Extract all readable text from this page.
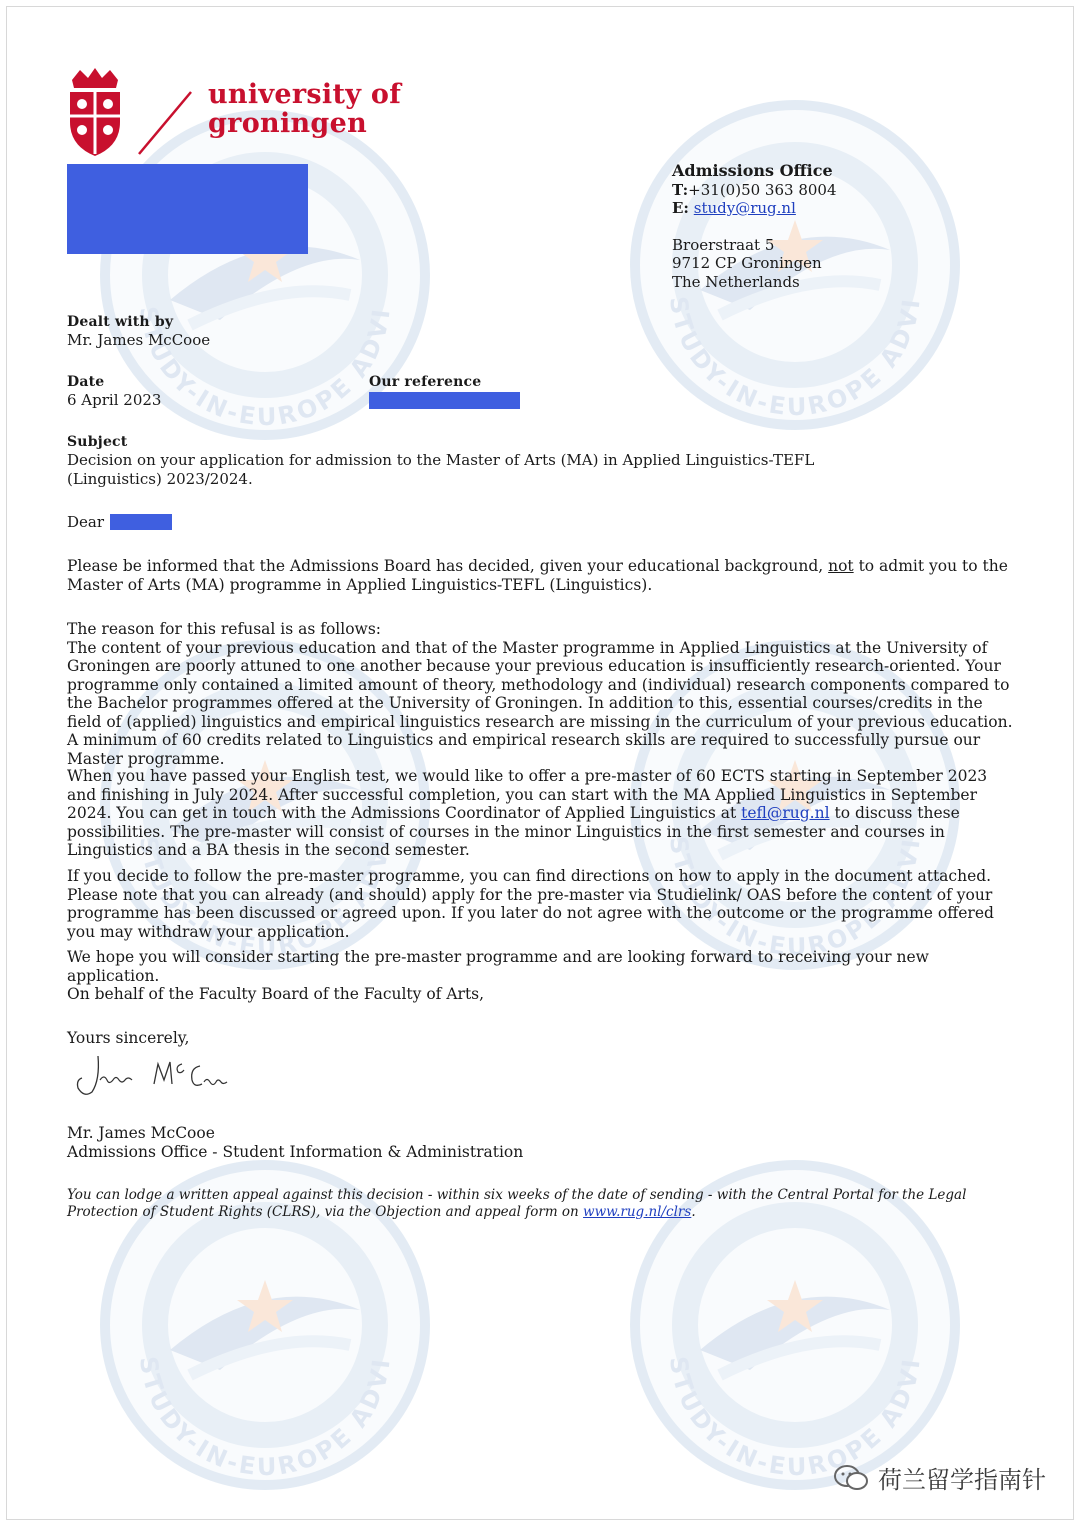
university of
groningen
Admissions Office
T:+31(0)50 363 8004
E: study@rug.nl
Broerstraat 5
9712 CP Groningen
The Netherlands
Dealt with by
Mr. James McCooe
Date
6 April 2023
Our reference
Subject
Decision on your application for admission to the Master of Arts (MA) in Applied Linguistics-TEFL
(Linguistics) 2023/2024.
Dear
Please be informed that the Admissions Board has decided, given your educational background, not to admit you to the Master of Arts (MA) programme in Applied Linguistics-TEFL (Linguistics).
The reason for this refusal is as follows:
The content of your previous education and that of the Master programme in Applied Linguistics at the University of Groningen are poorly attuned to one another because your previous education is insufficiently research-oriented. Your programme only contained a limited amount of theory, methodology and (individual) research components compared to the Bachelor programmes offered at the University of Groningen. In addition to this, essential courses/credits in the field of (applied) linguistics and empirical linguistics research are missing in the curriculum of your previous education. A minimum of 60 credits related to Linguistics and empirical research skills are required to successfully pursue our Master programme.
When you have passed your English test, we would like to offer a pre-master of 60 ECTS starting in September 2023 and finishing in July 2024. After successful completion, you can start with the MA Applied Linguistics in September 2024. You can get in touch with the Admissions Coordinator of Applied Linguistics at tefl@rug.nl to discuss these possibilities. The pre-master will consist of courses in the minor Linguistics in the first semester and courses in Linguistics and a BA thesis in the second semester.
If you decide to follow the pre-master programme, you can find directions on how to apply in the document attached. Please note that you can already (and should) apply for the pre-master via Studielink/ OAS before the content of your programme has been discussed or agreed upon. If you later do not agree with the outcome or the programme offered you may withdraw your application.
We hope you will consider starting the pre-master programme and are looking forward to receiving your new application.
On behalf of the Faculty Board of the Faculty of Arts,
Yours sincerely,
Mr. James McCooe
Admissions Office - Student Information & Administration
You can lodge a written appeal against this decision - within six weeks of the date of sending - with the Central Portal for the Legal Protection of Student Rights (CLRS), via the Objection and appeal form on www.rug.nl/clrs.
荷兰留学指南针
